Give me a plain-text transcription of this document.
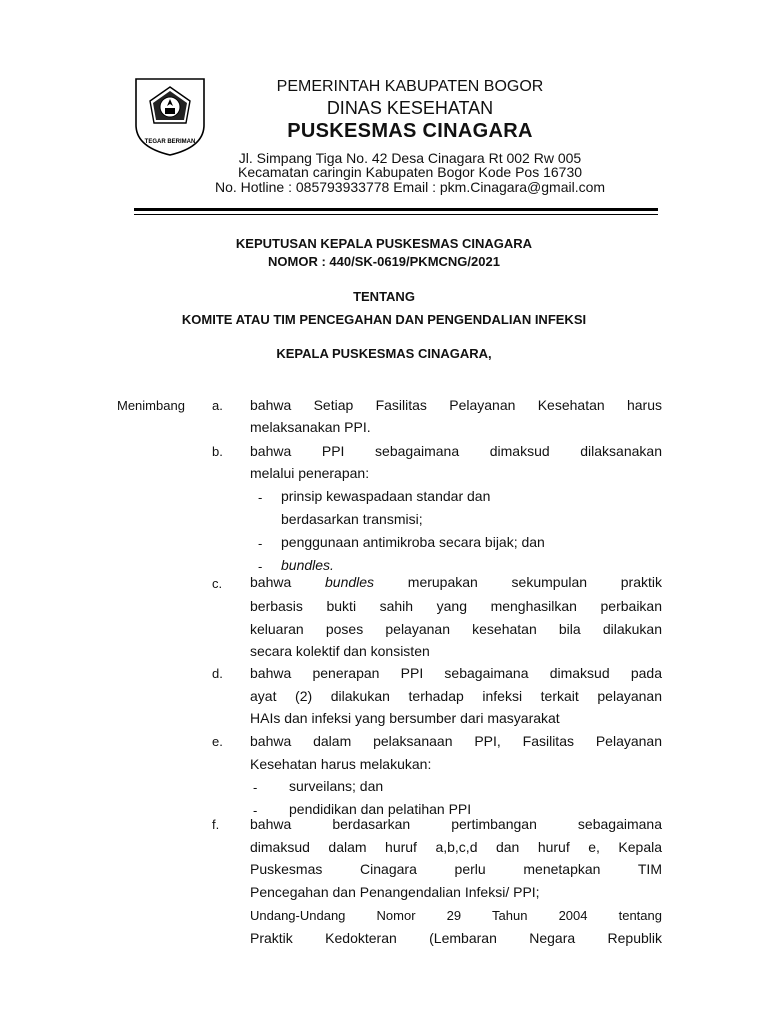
TEGAR BERIMAN
PEMERINTAH KABUPATEN BOGOR
DINAS KESEHATAN
PUSKESMAS CINAGARA
Jl. Simpang Tiga No. 42 Desa Cinagara Rt 002 Rw 005
Kecamatan caringin Kabupaten Bogor Kode Pos 16730
No. Hotline : 085793933778 Email : pkm.Cinagara@gmail.com
KEPUTUSAN KEPALA PUSKESMAS CINAGARA
NOMOR : 440/SK-0619/PKMCNG/2021
TENTANG
KOMITE ATAU TIM PENCEGAHAN DAN PENGENDALIAN INFEKSI
KEPALA PUSKESMAS CINAGARA,
Menimbang a. bahwa Setiap Fasilitas Pelayanan Kesehatan harus
melaksanakan PPI.
b. bahwa PPI sebagaimana dimaksud dilaksanakan
melalui penerapan:
- prinsip kewaspadaan standar dan
berdasarkan transmisi;
- penggunaan antimikroba secara bijak; dan
- bundles.
c. bahwa bundles merupakan sekumpulan praktik
berbasis bukti sahih yang menghasilkan perbaikan
keluaran poses pelayanan kesehatan bila dilakukan
secara kolektif dan konsisten
d. bahwa penerapan PPI sebagaimana dimaksud pada
ayat (2) dilakukan terhadap infeksi terkait pelayanan
HAIs dan infeksi yang bersumber dari masyarakat
e. bahwa dalam pelaksanaan PPI, Fasilitas Pelayanan
Kesehatan harus melakukan:
- surveilans; dan
- pendidikan dan pelatihan PPI
f. bahwa berdasarkan pertimbangan sebagaimana
dimaksud dalam huruf a,b,c,d dan huruf e, Kepala
Puskesmas Cinagara perlu menetapkan TIM
Pencegahan dan Penangendalian Infeksi/ PPI;
Undang-Undang Nomor 29 Tahun 2004 tentang
Praktik Kedokteran (Lembaran Negara Republik
